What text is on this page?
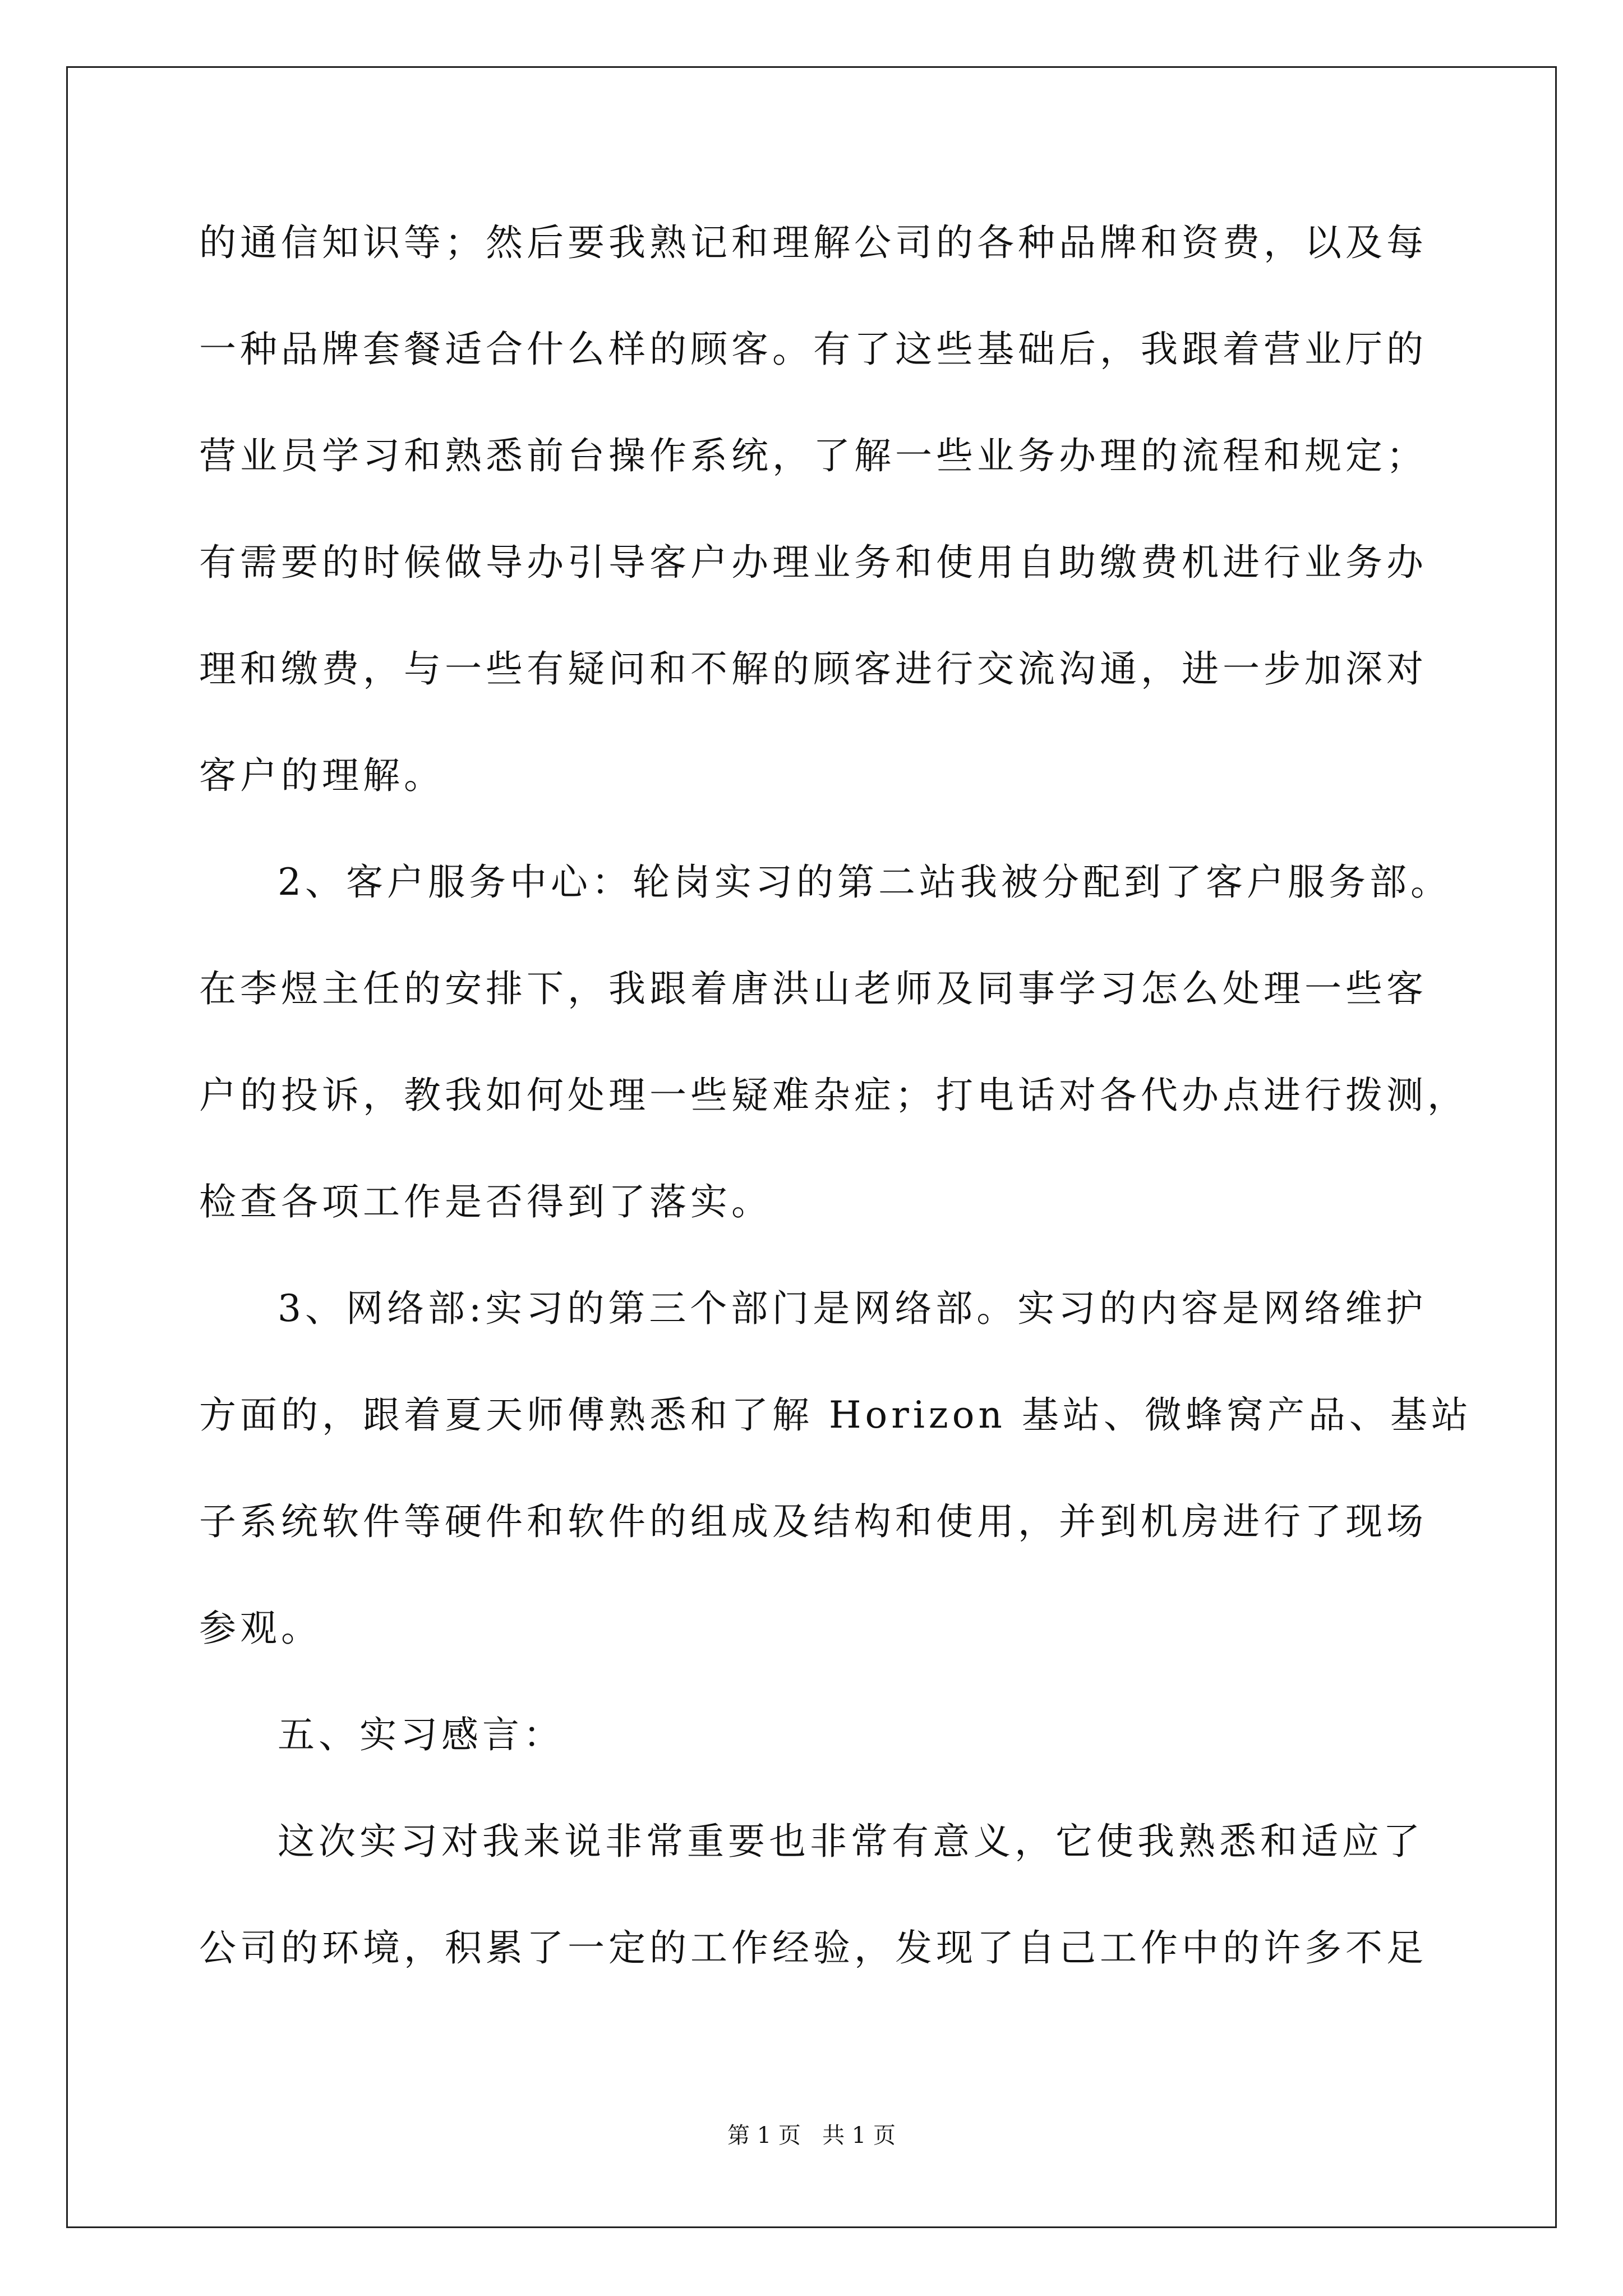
的通信知识等；然后要我熟记和理解公司的各种品牌和资费，以及每
一种品牌套餐适合什么样的顾客。有了这些基础后，我跟着营业厅的
营业员学习和熟悉前台操作系统，了解一些业务办理的流程和规定；
有需要的时候做导办引导客户办理业务和使用自助缴费机进行业务办
理和缴费，与一些有疑问和不解的顾客进行交流沟通，进一步加深对
客户的理解。
2、客户服务中心：轮岗实习的第二站我被分配到了客户服务部。
在李煜主任的安排下，我跟着唐洪山老师及同事学习怎么处理一些客
户的投诉，教我如何处理一些疑难杂症；打电话对各代办点进行拨测，
检查各项工作是否得到了落实。
3、网络部:实习的第三个部门是网络部。实习的内容是网络维护
方面的，跟着夏天师傅熟悉和了解 Horizon 基站、微蜂窝产品、基站
子系统软件等硬件和软件的组成及结构和使用，并到机房进行了现场
参观。
五、实习感言：
这次实习对我来说非常重要也非常有意义，它使我熟悉和适应了
公司的环境，积累了一定的工作经验，发现了自己工作中的许多不足
第 1 页   共 1 页
